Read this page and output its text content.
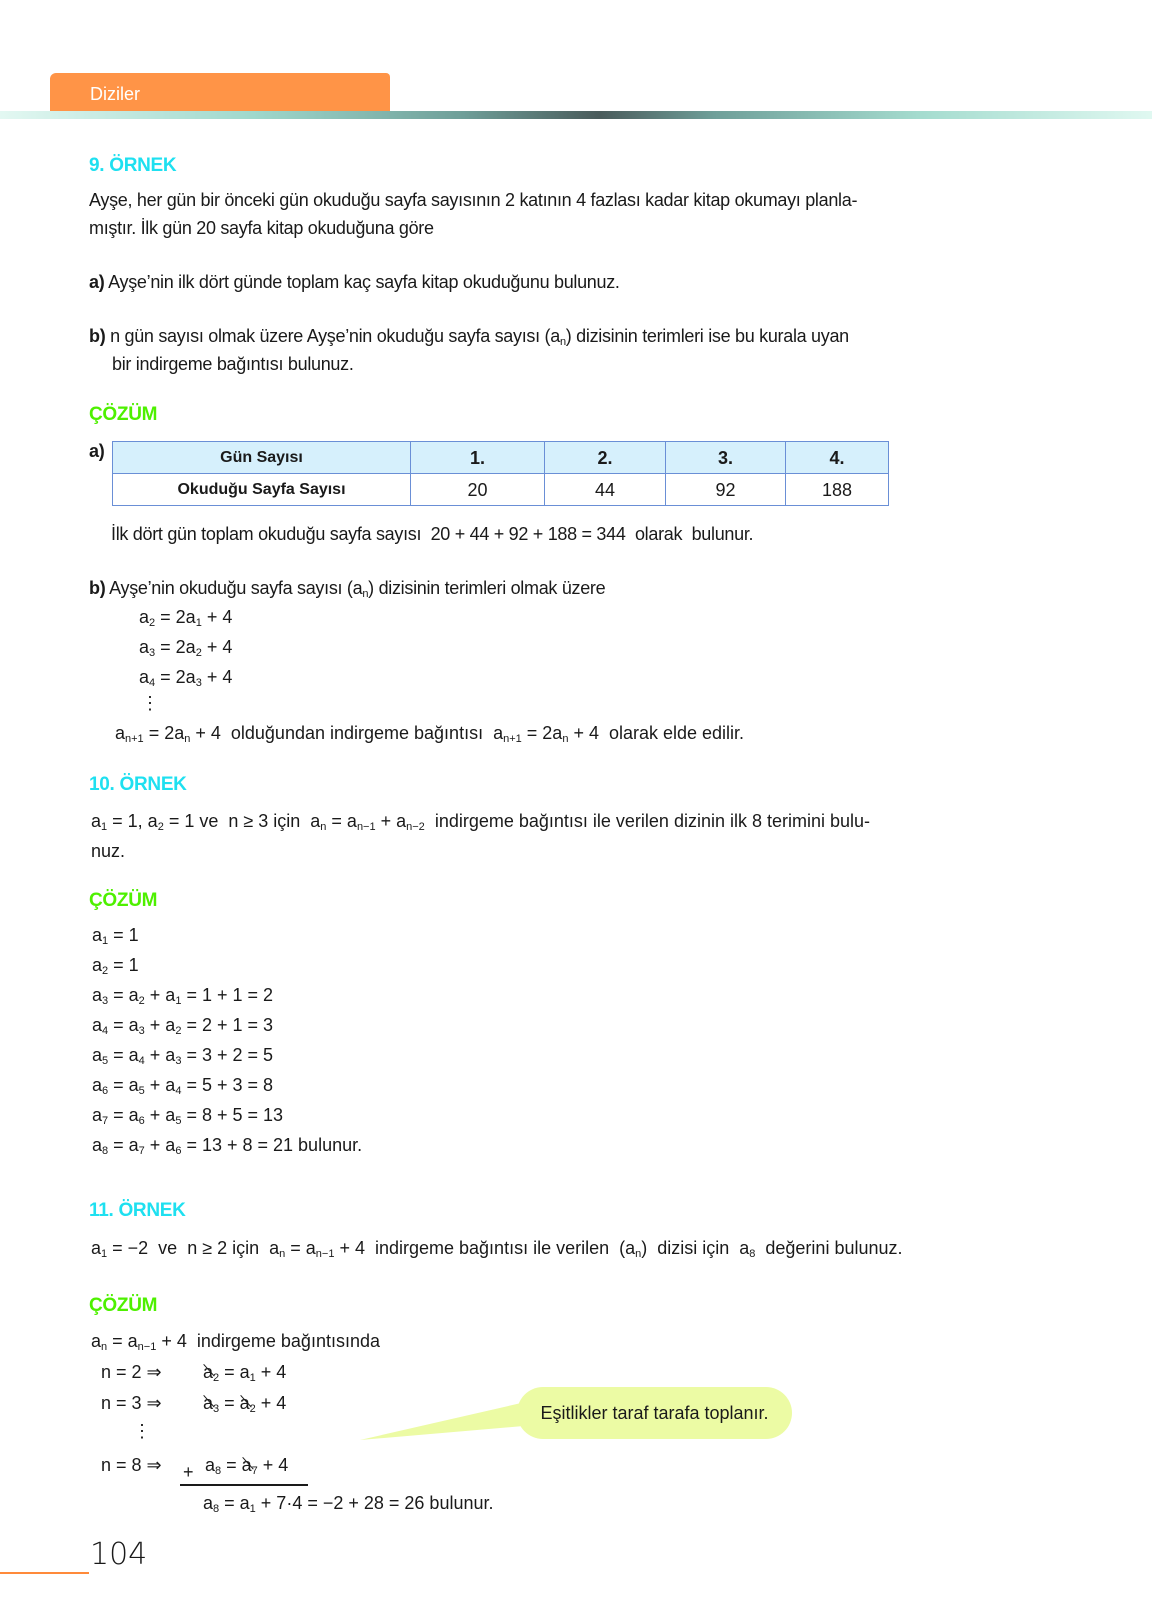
Diziler
9. ÖRNEK
Ayşe, her gün bir önceki gün okuduğu sayfa sayısının 2 katının 4 fazlası kadar kitap okumayı planla-
mıştır. İlk gün 20 sayfa kitap okuduğuna göre
a) Ayşe’nin ilk dört günde toplam kaç sayfa kitap okuduğunu bulunuz.
b) n gün sayısı olmak üzere Ayşe’nin okuduğu sayfa sayısı $(a_n)$ dizisinin terimleri ise bu kurala uyan
bir indirgeme bağıntısı bulunuz.
ÇÖZÜM
a)	Gün Sayısı	1.	2.	3.	4.
Okuduğu Sayfa Sayısı	20	44	92	188
İlk dört gün toplam okuduğu sayfa sayısı  20 + 44 + 92 + 188 = 344  olarak  bulunur.
b) Ayşe’nin okuduğu sayfa sayısı $(a_n)$ dizisinin terimleri olmak üzere
$a_2 = 2a_1 + 4$
$a_3 = 2a_2 + 4$
$a_4 = 2a_3 + 4$
⋮
$a_{n+1} = 2a_n + 4$  olduğundan indirgeme bağıntısı  $a_{n+1} = 2a_n + 4$  olarak elde edilir.
10. ÖRNEK
$a_1 = 1$, $a_2 = 1$ ve  n ≥ 3 için  $a_n = a_{n-1} + a_{n-2}$  indirgeme bağıntısı ile verilen dizinin ilk 8 terimini bulu-
nuz.
ÇÖZÜM
$a_1 = 1$
$a_2 = 1$
$a_3 = a_2 + a_1 = 1 + 1 = 2$
$a_4 = a_3 + a_2 = 2 + 1 = 3$
$a_5 = a_4 + a_3 = 3 + 2 = 5$
$a_6 = a_5 + a_4 = 5 + 3 = 8$
$a_7 = a_6 + a_5 = 8 + 5 = 13$
$a_8 = a_7 + a_6 = 13 + 8 = 21$ bulunur.
11. ÖRNEK
$a_1 = -2$  ve  n ≥ 2 için  $a_n = a_{n-1} + 4$  indirgeme bağıntısı ile verilen  $(a_n)$  dizisi için  $a_8$  değerini bulunuz.
ÇÖZÜM
$a_n = a_{n-1} + 4$  indirgeme bağıntısında
n = 2 ⇒ $a_2 = a_1 + 4$
n = 3 ⇒ $a_3 = a_2 + 4$
⋮
n = 8 ⇒ + $a_8 = a_7 + 4$
$a_8 = a_1 + 7\cdot 4 = -2 + 28 = 26$ bulunur.
Eşitlikler taraf tarafa toplanır.
104
